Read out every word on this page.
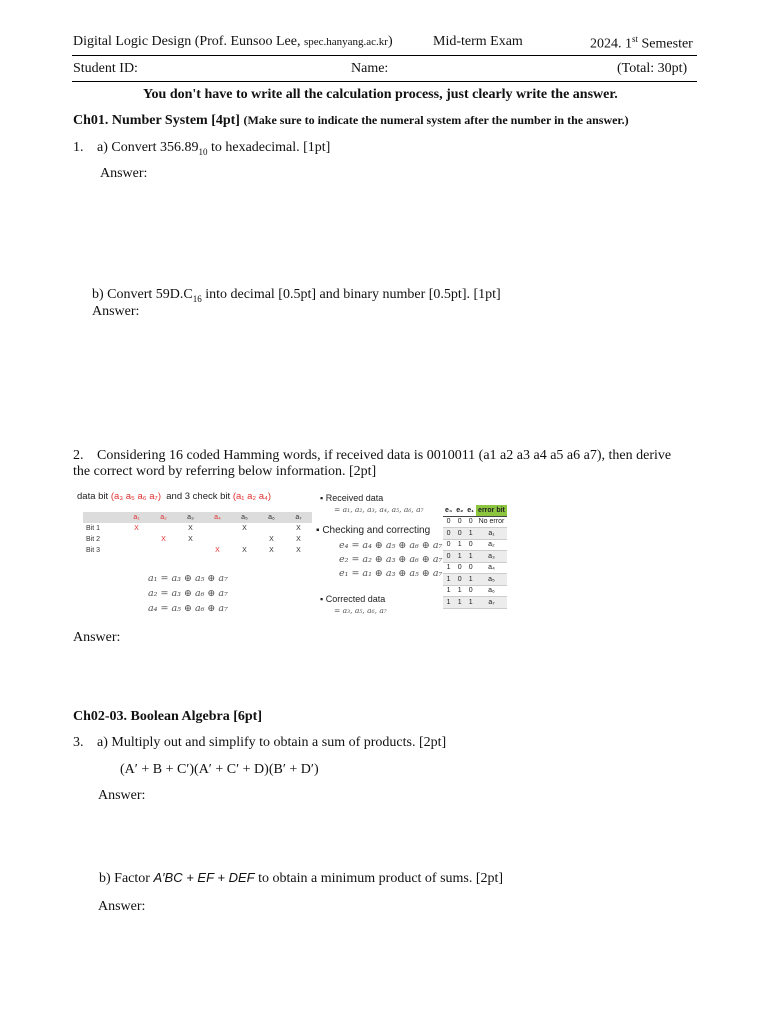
Digital Logic Design (Prof. Eunsoo Lee, spec.hanyang.ac.kr)	Mid-term Exam	2024. 1st Semester
Student ID:	Name:	(Total: 30pt)
You don't have to write all the calculation process, just clearly write the answer.
Ch01. Number System [4pt] (Make sure to indicate the numeral system after the number in the answer.)
1. a) Convert $356.89_{10}$ to hexadecimal. [1pt]
Answer:
b) Convert $59D.C_{16}$ into decimal [0.5pt] and binary number [0.5pt]. [1pt]
Answer:
2. Considering 16 coded Hamming words, if received data is 0010011 (a1 a2 a3 a4 a5 a6 a7), then derive
the correct word by referring below information. [2pt]
data bit (a₃ a₅ a₆ a₇) and 3 check bit (a₁ a₂ a₄)
	a₁	a₂	a₃	a₄	a₅	a₆	a₇
Bit 1	X		X		X		X
Bit 2		X	X			X	X
Bit 3				X	X	X	X
a₁ = a₃ ⊕ a₅ ⊕ a₇
a₂ = a₃ ⊕ a₆ ⊕ a₇
a₄ = a₅ ⊕ a₆ ⊕ a₇
▪ Received data
= a₁, a₂, a₃, a₄, a₅, a₆, a₇
▪ Checking and correcting
e₄ = a₄ ⊕ a₅ ⊕ a₆ ⊕ a₇
e₂ = a₂ ⊕ a₃ ⊕ a₆ ⊕ a₇
e₁ = a₁ ⊕ a₃ ⊕ a₅ ⊕ a₇
▪ Corrected data
= a₃, a₅, a₆, a₇
e₄	e₂	e₁	error bit
0	0	0	No error
0	0	1	a₁
0	1	0	a₂
0	1	1	a₃
1	0	0	a₄
1	0	1	a₅
1	1	0	a₆
1	1	1	a₇
Answer:
Ch02-03. Boolean Algebra [6pt]
3. a) Multiply out and simplify to obtain a sum of products. [2pt]
(A′ + B + C′)(A′ + C′ + D)(B′ + D′)
Answer:
b) Factor A′BC + EF + DEF to obtain a minimum product of sums. [2pt]
Answer:
